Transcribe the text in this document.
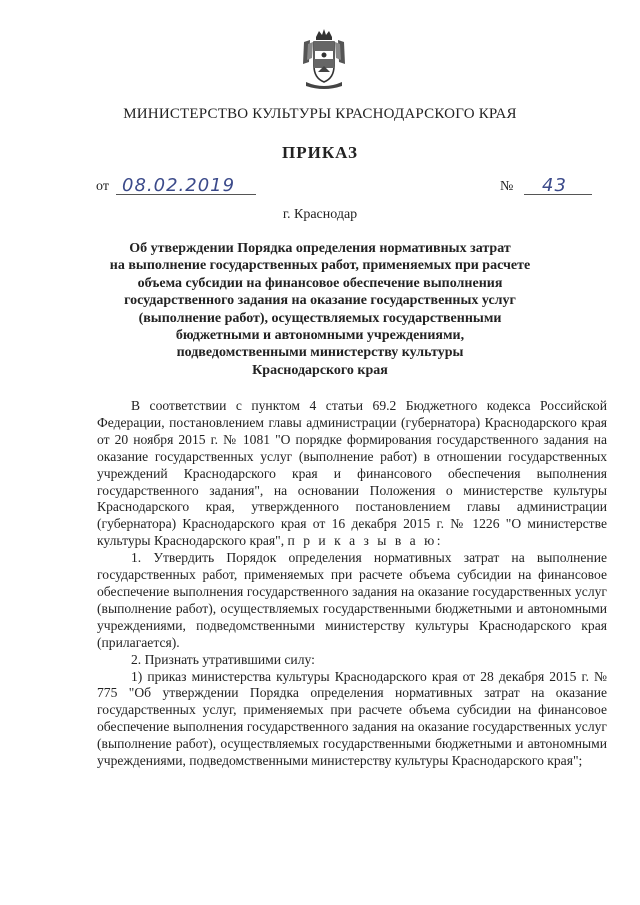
МИНИСТЕРСТВО КУЛЬТУРЫ КРАСНОДАРСКОГО КРАЯ
ПРИКАЗ
от 08.02.2019	№ 43
г. Краснодар
Об утверждении Порядка определения нормативных затрат
на выполнение государственных работ, применяемых при расчете
объема субсидии на финансовое обеспечение выполнения
государственного задания на оказание государственных услуг
(выполнение работ), осуществляемых государственными
бюджетными и автономными учреждениями,
подведомственными министерству культуры
Краснодарского края

В соответствии с пунктом 4 статьи 69.2 Бюджетного кодекса Российской Федерации, постановлением главы администрации (губернатора) Краснодарского края от 20 ноября 2015 г. № 1081 "О порядке формирования государственного задания на оказание государственных услуг (выполнение работ) в отношении государственных учреждений Краснодарского края и финансового обеспечения выполнения государственного задания", на основании Положения о министерстве культуры Краснодарского края, утвержденного постановлением главы администрации (губернатора) Краснодарского края от 16 декабря 2015 г. № 1226 "О министерстве культуры Краснодарского края", п р и к а з ы в а ю:

1. Утвердить Порядок определения нормативных затрат на выполнение государственных работ, применяемых при расчете объема субсидии на финансовое обеспечение выполнения государственного задания на оказание государственных услуг (выполнение работ), осуществляемых государственными бюджетными и автономными учреждениями, подведомственными министерству культуры Краснодарского края (прилагается).

2. Признать утратившими силу:

1) приказ министерства культуры Краснодарского края от 28 декабря 2015 г. № 775 "Об утверждении Порядка определения нормативных затрат на оказание государственных услуг, применяемых при расчете объема субсидии на финансовое обеспечение выполнения государственного задания на оказание государственных услуг (выполнение работ), осуществляемых государственными бюджетными и автономными учреждениями, подведомственными министерству культуры Краснодарского края";
